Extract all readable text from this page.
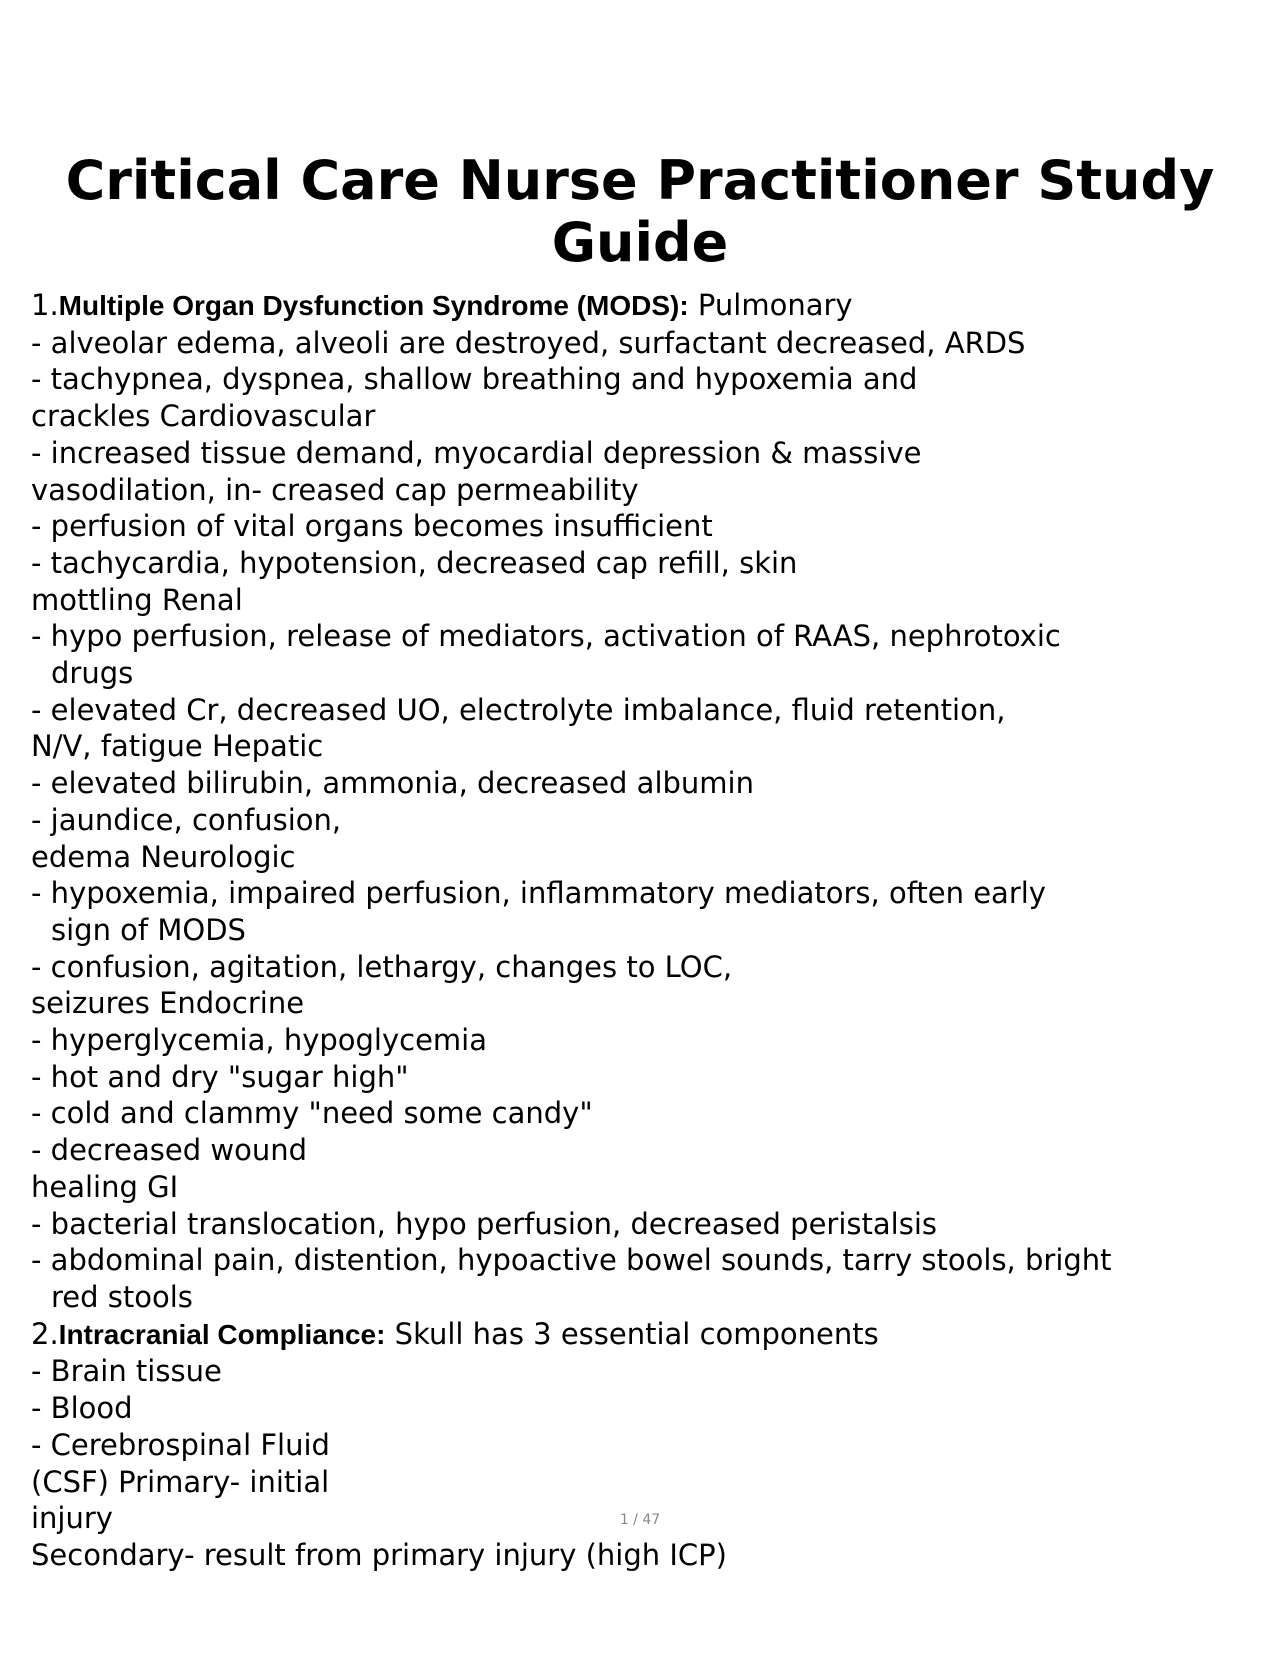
Critical Care Nurse Practitioner Study Guide
1.Multiple Organ Dysfunction Syndrome (MODS): Pulmonary
- alveolar edema, alveoli are destroyed, surfactant decreased, ARDS
- tachypnea, dyspnea, shallow breathing and hypoxemia and
crackles Cardiovascular
- increased tissue demand, myocardial depression & massive
vasodilation, in- creased cap permeability
- perfusion of vital organs becomes insufficient
- tachycardia, hypotension, decreased cap refill, skin
mottling Renal
- hypo perfusion, release of mediators, activation of RAAS, nephrotoxic
drugs
- elevated Cr, decreased UO, electrolyte imbalance, fluid retention,
N/V, fatigue Hepatic
- elevated bilirubin, ammonia, decreased albumin
- jaundice, confusion,
edema Neurologic
- hypoxemia, impaired perfusion, inflammatory mediators, often early
sign of MODS
- confusion, agitation, lethargy, changes to LOC,
seizures Endocrine
- hyperglycemia, hypoglycemia
- hot and dry "sugar high"
- cold and clammy "need some candy"
- decreased wound
healing GI
- bacterial translocation, hypo perfusion, decreased peristalsis
- abdominal pain, distention, hypoactive bowel sounds, tarry stools, bright
red stools
2.Intracranial Compliance: Skull has 3 essential components
- Brain tissue
- Blood
- Cerebrospinal Fluid
(CSF) Primary- initial
injury
Secondary- result from primary injury (high ICP)
1 / 47
